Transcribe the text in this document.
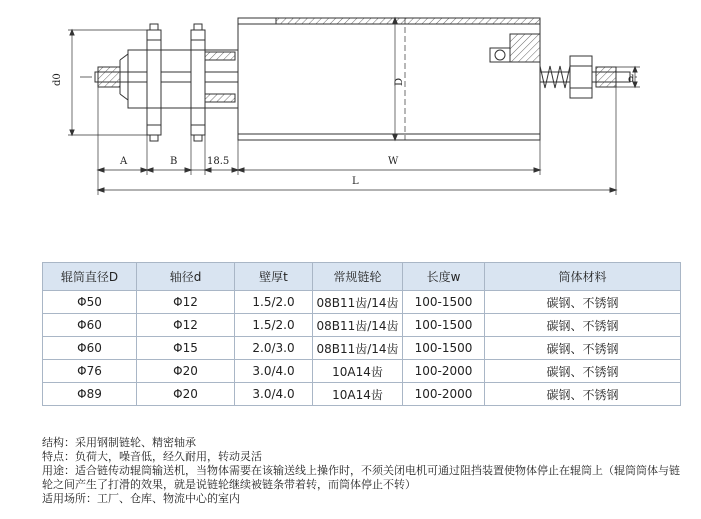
d0	D	d
A	B	18.5	W
L
辊筒直径D	轴径d	壁厚t	常规链轮	长度w	筒体材料
Φ50	Φ12	1.5/2.0	08B11齿/14齿	100-1500	碳钢、不锈钢
Φ60	Φ12	1.5/2.0	08B11齿/14齿	100-1500	碳钢、不锈钢
Φ60	Φ15	2.0/3.0	08B11齿/14齿	100-1500	碳钢、不锈钢
Φ76	Φ20	3.0/4.0	10A14齿	100-2000	碳钢、不锈钢
Φ89	Φ20	3.0/4.0	10A14齿	100-2000	碳钢、不锈钢

结构：采用钢制链轮、精密轴承

特点：负荷大，噪音低，经久耐用，转动灵活

用途：适合链传动辊筒输送机，当物体需要在该输送线上操作时，不须关闭电机可通过阻挡装置使物体停止在辊筒上（辊筒筒体与链轮之间产生了打滑的效果，就是说链轮继续被链条带着转，而筒体停止不转）

适用场所：工厂、仓库、物流中心的室内
